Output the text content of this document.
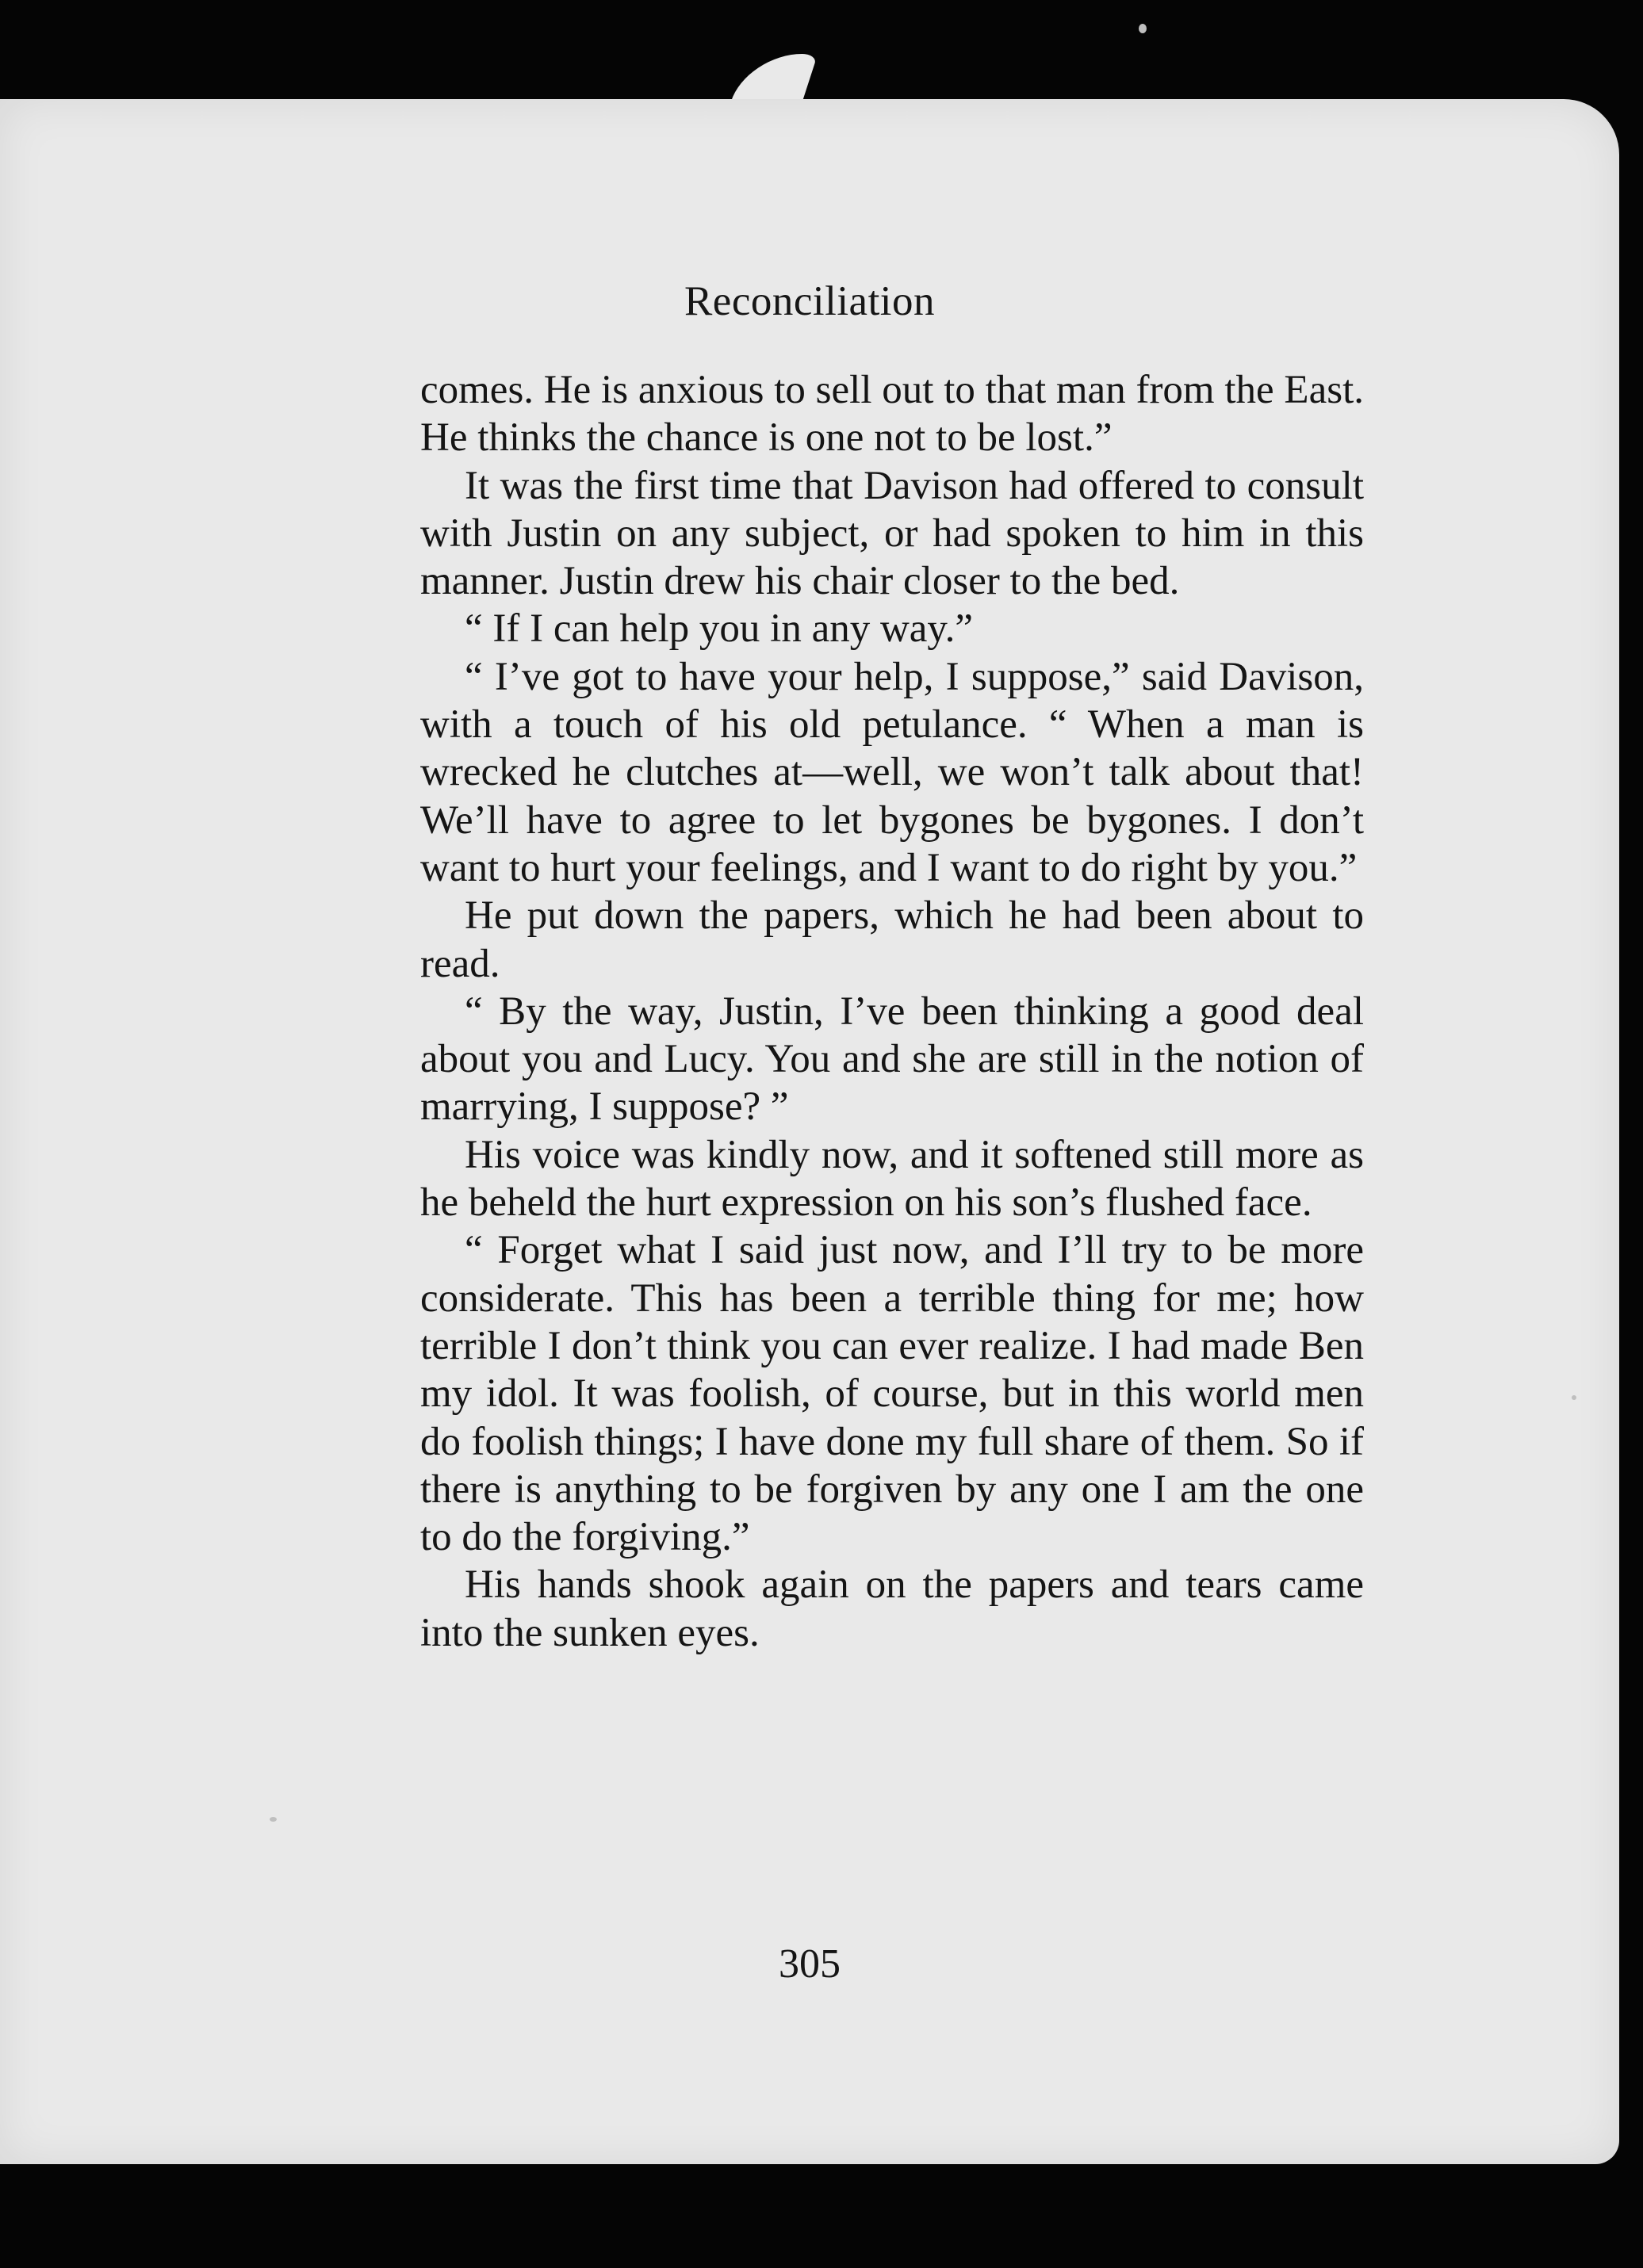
Reconciliation

comes. He is anxious to sell out to that man from the East. He thinks the chance is one not to be lost.”

It was the first time that Davison had offered to consult with Justin on any subject, or had spoken to him in this manner. Justin drew his chair closer to the bed.

“ If I can help you in any way.”

“ I’ve got to have your help, I suppose,” said Davison, with a touch of his old petulance. “ When a man is wrecked he clutches at—well, we won’t talk about that! We’ll have to agree to let bygones be bygones. I don’t want to hurt your feelings, and I want to do right by you.”

He put down the papers, which he had been about to read.

“ By the way, Justin, I’ve been thinking a good deal about you and Lucy. You and she are still in the notion of marrying, I suppose? ”

His voice was kindly now, and it softened still more as he beheld the hurt expression on his son’s flushed face.

“ Forget what I said just now, and I’ll try to be more considerate. This has been a terrible thing for me; how terrible I don’t think you can ever realize. I had made Ben my idol. It was foolish, of course, but in this world men do foolish things; I have done my full share of them. So if there is anything to be forgiven by any one I am the one to do the forgiving.”

His hands shook again on the papers and tears came into the sunken eyes.

305
